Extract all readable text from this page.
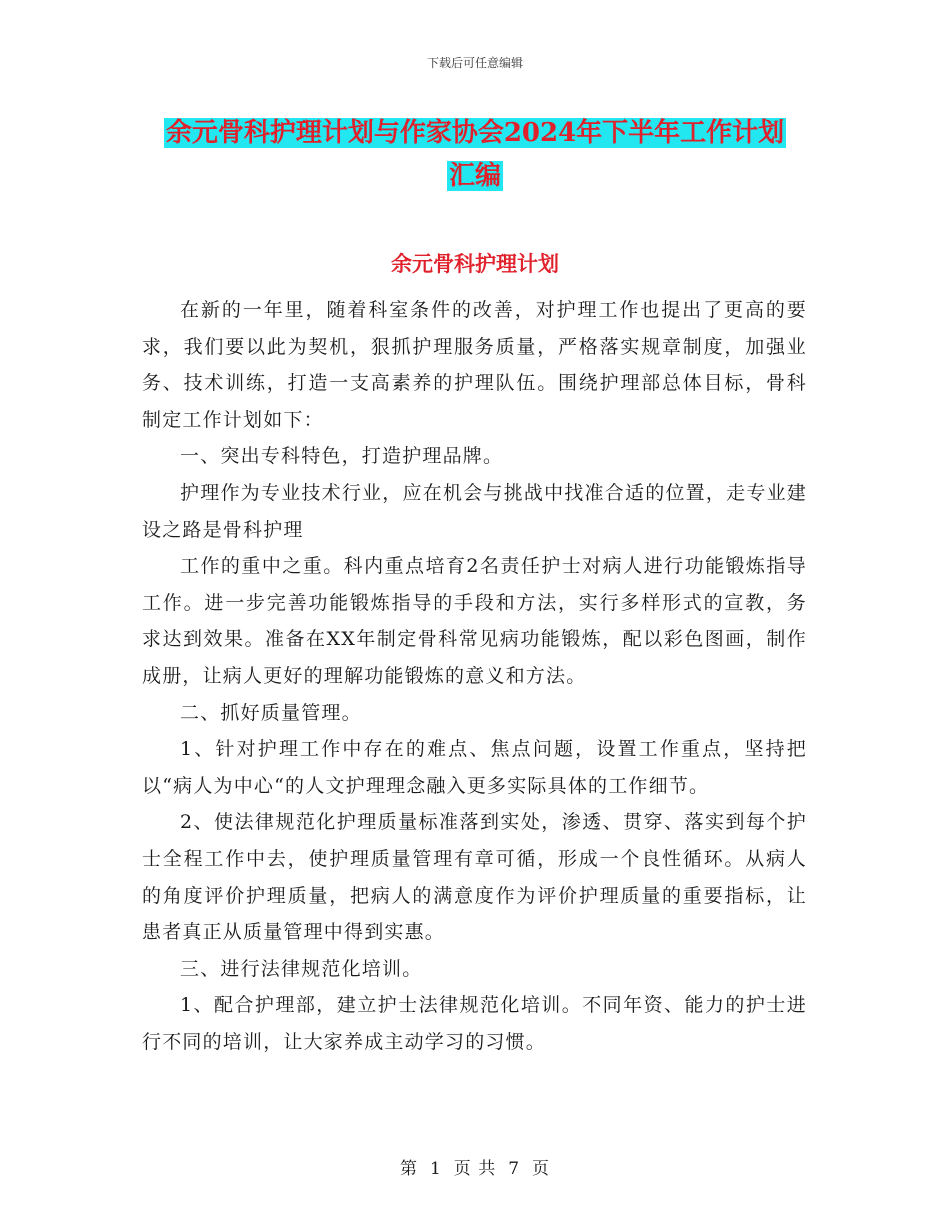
下载后可任意编辑
余元骨科护理计划与作家协会2024年下半年工作计划
汇编
余元骨科护理计划

在新的一年里，随着科室条件的改善，对护理工作也提出了更高的要求，我们要以此为契机，狠抓护理服务质量，严格落实规章制度，加强业务、技术训练，打造一支高素养的护理队伍。围绕护理部总体目标，骨科制定工作计划如下：

一、突出专科特色，打造护理品牌。

护理作为专业技术行业，应在机会与挑战中找准合适的位置，走专业建设之路是骨科护理

工作的重中之重。科内重点培育2名责任护士对病人进行功能锻炼指导工作。进一步完善功能锻炼指导的手段和方法，实行多样形式的宣教，务求达到效果。准备在XX年制定骨科常见病功能锻炼，配以彩色图画，制作成册，让病人更好的理解功能锻炼的意义和方法。

二、抓好质量管理。

1、针对护理工作中存在的难点、焦点问题，设置工作重点，坚持把以“病人为中心“的人文护理理念融入更多实际具体的工作细节。

2、使法律规范化护理质量标准落到实处，渗透、贯穿、落实到每个护士全程工作中去，使护理质量管理有章可循，形成一个良性循环。从病人的角度评价护理质量，把病人的满意度作为评价护理质量的重要指标，让患者真正从质量管理中得到实惠。

三、进行法律规范化培训。

1、配合护理部，建立护士法律规范化培训。不同年资、能力的护士进行不同的培训，让大家养成主动学习的习惯。

第 1 页 共 7 页
